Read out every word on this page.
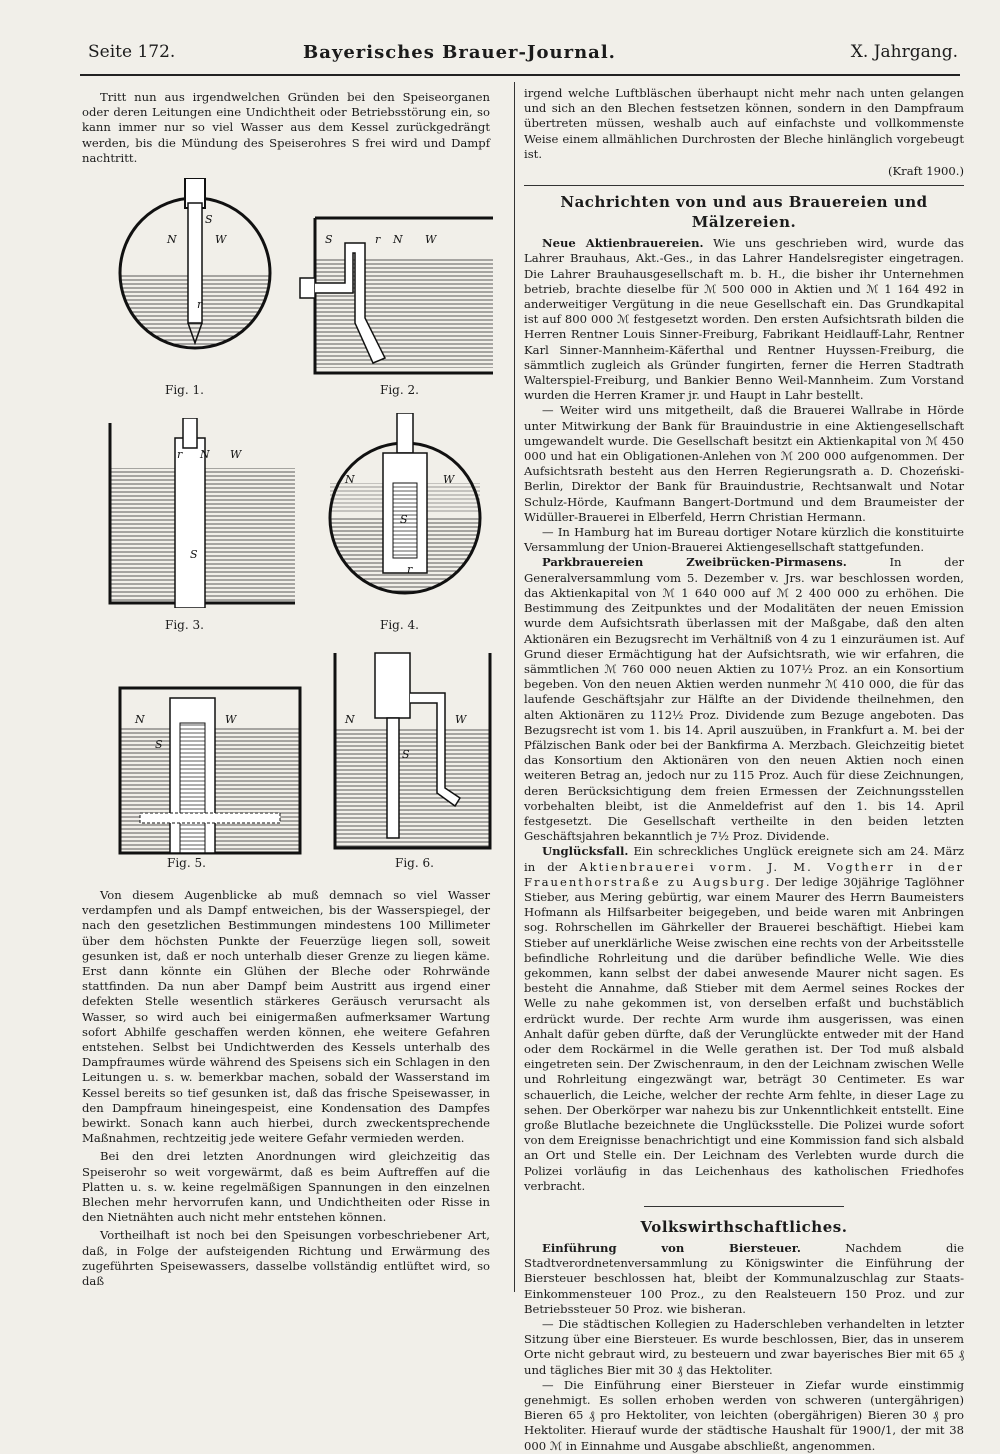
Seite 172.	Bayerisches Brauer-Journal.	X. Jahrgang.

Tritt nun aus irgendwelchen Gründen bei den Speiseorganen oder deren Leitungen eine Undichtheit oder Betriebsstörung ein, so kann immer nur so viel Wasser aus dem Kessel zurückgedrängt werden, bis die Mündung des Speiserohres S frei wird und Dampf nachtritt.

N	W
S
r
Fig. 1.
S	r N W
Fig. 2.
r N W
S
Fig. 3.
N	W
S
r
Fig. 4.
N	W
S
Fig. 5.
N	W
S
Fig. 6.

Von diesem Augenblicke ab muß demnach so viel Wasser verdampfen und als Dampf entweichen, bis der Wasserspiegel, der nach den gesetzlichen Bestimmungen mindestens 100 Millimeter über dem höchsten Punkte der Feuerzüge liegen soll, soweit gesunken ist, daß er noch unterhalb dieser Grenze zu liegen käme. Erst dann könnte ein Glühen der Bleche oder Rohrwände stattfinden. Da nun aber Dampf beim Austritt aus irgend einer defekten Stelle wesentlich stärkeres Geräusch verursacht als Wasser, so wird auch bei einigermaßen aufmerksamer Wartung sofort Abhilfe geschaffen werden können, ehe weitere Gefahren entstehen. Selbst bei Undichtwerden des Kessels unterhalb des Dampfraumes würde während des Speisens sich ein Schlagen in den Leitungen u. s. w. bemerkbar machen, sobald der Wasserstand im Kessel bereits so tief gesunken ist, daß das frische Speisewasser, in den Dampfraum hineingespeist, eine Kondensation des Dampfes bewirkt. Sonach kann auch hierbei, durch zweckentsprechende Maßnahmen, rechtzeitig jede weitere Gefahr vermieden werden.

Bei den drei letzten Anordnungen wird gleichzeitig das Speiserohr so weit vorgewärmt, daß es beim Auftreffen auf die Platten u. s. w. keine regelmäßigen Spannungen in den einzelnen Blechen mehr hervorrufen kann, und Undichtheiten oder Risse in den Nietnähten auch nicht mehr entstehen können.

Vortheilhaft ist noch bei den Speisungen vorbeschriebener Art, daß, in Folge der aufsteigenden Richtung und Erwärmung des zugeführten Speisewassers, dasselbe vollständig entlüftet wird, so daß

irgend welche Luftbläschen überhaupt nicht mehr nach unten gelangen und sich an den Blechen festsetzen können, sondern in den Dampfraum übertreten müssen, weshalb auch auf einfachste und vollkommenste Weise einem allmählichen Durchrosten der Bleche hinlänglich vorgebeugt ist.

(Kraft 1900.)

Nachrichten von und aus Brauereien und Mälzereien.

Neue Aktienbrauereien. Wie uns geschrieben wird, wurde das Lahrer Brauhaus, Akt.-Ges., in das Lahrer Handelsregister eingetragen. Die Lahrer Brauhausgesellschaft m. b. H., die bisher ihr Unternehmen betrieb, brachte dieselbe für ℳ 500 000 in Aktien und ℳ 1 164 492 in anderweitiger Vergütung in die neue Gesellschaft ein. Das Grundkapital ist auf 800 000 ℳ festgesetzt worden. Den ersten Aufsichtsrath bilden die Herren Rentner Louis Sinner-Freiburg, Fabrikant Heidlauff-Lahr, Rentner Karl Sinner-Mannheim-Käferthal und Rentner Huyssen-Freiburg, die sämmtlich zugleich als Gründer fungirten, ferner die Herren Stadtrath Walterspiel-Freiburg, und Bankier Benno Weil-Mannheim. Zum Vorstand wurden die Herren Kramer jr. und Haupt in Lahr bestellt.

— Weiter wird uns mitgetheilt, daß die Brauerei Wallrabe in Hörde unter Mitwirkung der Bank für Brauindustrie in eine Aktiengesellschaft umgewandelt wurde. Die Gesellschaft besitzt ein Aktienkapital von ℳ 450 000 und hat ein Obligationen-Anlehen von ℳ 200 000 aufgenommen. Der Aufsichtsrath besteht aus den Herren Regierungsrath a. D. Chozeński-Berlin, Direktor der Bank für Brauindustrie, Rechtsanwalt und Notar Schulz-Hörde, Kaufmann Bangert-Dortmund und dem Braumeister der Widüller-Brauerei in Elberfeld, Herrn Christian Hermann.

— In Hamburg hat im Bureau dortiger Notare kürzlich die konstituirte Versammlung der Union-Brauerei Aktiengesellschaft stattgefunden.

Parkbrauereien Zweibrücken-Pirmasens.	In der Generalversammlung vom 5. Dezember v. Jrs. war beschlossen worden, das Aktienkapital von ℳ 1 640 000 auf ℳ 2 400 000 zu erhöhen. Die Bestimmung des Zeitpunktes und der Modalitäten der neuen Emission wurde dem Aufsichtsrath überlassen mit der Maßgabe, daß den alten Aktionären ein Bezugsrecht im Verhältniß von 4 zu 1 einzuräumen ist. Auf Grund dieser Ermächtigung hat der Aufsichtsrath, wie wir erfahren, die sämmtlichen ℳ 760 000 neuen Aktien zu 107½ Proz. an ein Konsortium begeben. Von den neuen Aktien werden nunmehr ℳ 410 000, die für das laufende Geschäftsjahr zur Hälfte an der Dividende theilnehmen, den alten Aktionären zu 112½ Proz. Dividende zum Bezuge angeboten. Das Bezugsrecht ist vom 1. bis 14. April auszuüben, in Frankfurt a. M. bei der Pfälzischen Bank oder bei der Bankfirma A. Merzbach. Gleichzeitig bietet das Konsortium den Aktionären von den neuen Aktien noch einen weiteren Betrag an, jedoch nur zu 115 Proz. Auch für diese Zeichnungen, deren Berücksichtigung dem freien Ermessen der Zeichnungsstellen vorbehalten bleibt, ist die Anmeldefrist auf den 1. bis 14. April festgesetzt. Die Gesellschaft vertheilte in den beiden letzten Geschäftsjahren bekanntlich je 7½ Proz. Dividende.

Unglücksfall. Ein schreckliches Unglück ereignete sich am 24. März in der Aktienbrauerei vorm. J. M. Vogtherr in der Frauenthorstraße zu Augsburg. Der ledige 30jährige Taglöhner Stieber, aus Mering gebürtig, war einem Maurer des Herrn Baumeisters Hofmann als Hilfsarbeiter beigegeben, und beide waren mit Anbringen sog. Rohrschellen im Gährkeller der Brauerei beschäftigt. Hiebei kam Stieber auf unerklärliche Weise zwischen eine rechts von der Arbeitsstelle befindliche Rohrleitung und die darüber befindliche Welle. Wie dies gekommen, kann selbst der dabei anwesende Maurer nicht sagen. Es besteht die Annahme, daß Stieber mit dem Aermel seines Rockes der Welle zu nahe gekommen ist, von derselben erfaßt und buchstäblich erdrückt wurde. Der rechte Arm wurde ihm ausgerissen, was einen Anhalt dafür geben dürfte, daß der Verunglückte entweder mit der Hand oder dem Rockärmel in die Welle gerathen ist. Der Tod muß alsbald eingetreten sein. Der Zwischenraum, in den der Leichnam zwischen Welle und Rohrleitung eingezwängt war, beträgt 30 Centimeter. Es war schauerlich, die Leiche, welcher der rechte Arm fehlte, in dieser Lage zu sehen. Der Oberkörper war nahezu bis zur Unkenntlichkeit entstellt. Eine große Blutlache bezeichnete die Unglücksstelle. Die Polizei wurde sofort von dem Ereignisse benachrichtigt und eine Kommission fand sich alsbald an Ort und Stelle ein. Der Leichnam des Verlebten wurde durch die Polizei vorläufig in das Leichenhaus des katholischen Friedhofes verbracht.

Volkswirthschaftliches.

Einführung von Biersteuer.	Nachdem die Stadtverordnetenversammlung zu Königswinter die Einführung der Biersteuer beschlossen hat, bleibt der Kommunalzuschlag zur Staats-Einkommensteuer 100 Proz., zu den Realsteuern 150 Proz. und zur Betriebssteuer 50 Proz. wie bisheran.

— Die städtischen Kollegien zu Haderschleben verhandelten in letzter Sitzung über eine Biersteuer. Es wurde beschlossen, Bier, das in unserem Orte nicht gebraut wird, zu besteuern und zwar bayerisches Bier mit 65 ₰ und tägliches Bier mit 30 ₰ das Hektoliter.

— Die Einführung einer Biersteuer in Ziefar wurde einstimmig genehmigt. Es sollen erhoben werden von schweren (untergährigen) Bieren 65 ₰ pro Hektoliter, von leichten (obergährigen) Bieren 30 ₰ pro Hektoliter. Hierauf wurde der städtische Haushalt für 1900/1, der mit 38 000 ℳ in Einnahme und Ausgabe abschließt, angenommen.
